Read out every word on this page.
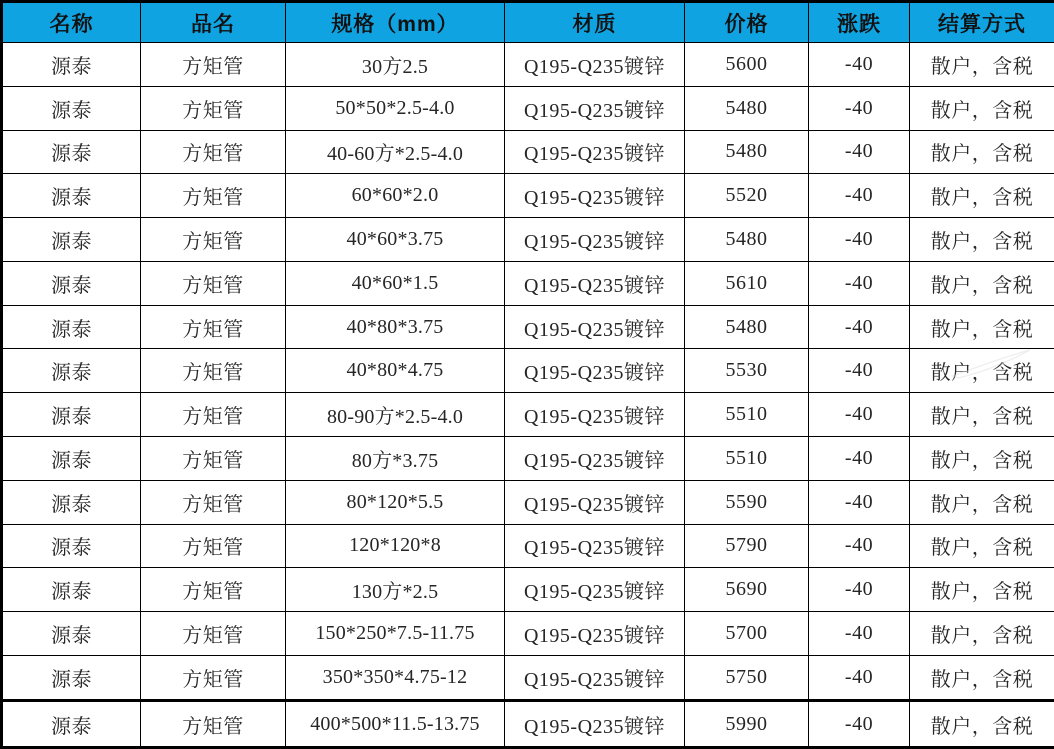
名称	品名	规格（mm）	材质	价格	涨跌	结算方式
源泰	方矩管	30方2.5	Q195-Q235镀锌	5600	-40	散户，含税
源泰	方矩管	50*50*2.5-4.0	Q195-Q235镀锌	5480	-40	散户，含税
源泰	方矩管	40-60方*2.5-4.0	Q195-Q235镀锌	5480	-40	散户，含税
源泰	方矩管	60*60*2.0	Q195-Q235镀锌	5520	-40	散户，含税
源泰	方矩管	40*60*3.75	Q195-Q235镀锌	5480	-40	散户，含税
源泰	方矩管	40*60*1.5	Q195-Q235镀锌	5610	-40	散户，含税
源泰	方矩管	40*80*3.75	Q195-Q235镀锌	5480	-40	散户，含税
源泰	方矩管	40*80*4.75	Q195-Q235镀锌	5530	-40	散户，含税
源泰	方矩管	80-90方*2.5-4.0	Q195-Q235镀锌	5510	-40	散户，含税
源泰	方矩管	80方*3.75	Q195-Q235镀锌	5510	-40	散户，含税
源泰	方矩管	80*120*5.5	Q195-Q235镀锌	5590	-40	散户，含税
源泰	方矩管	120*120*8	Q195-Q235镀锌	5790	-40	散户，含税
源泰	方矩管	130方*2.5	Q195-Q235镀锌	5690	-40	散户，含税
源泰	方矩管	150*250*7.5-11.75	Q195-Q235镀锌	5700	-40	散户，含税
源泰	方矩管	350*350*4.75-12	Q195-Q235镀锌	5750	-40	散户，含税
源泰	方矩管	400*500*11.5-13.75	Q195-Q235镀锌	5990	-40	散户，含税
